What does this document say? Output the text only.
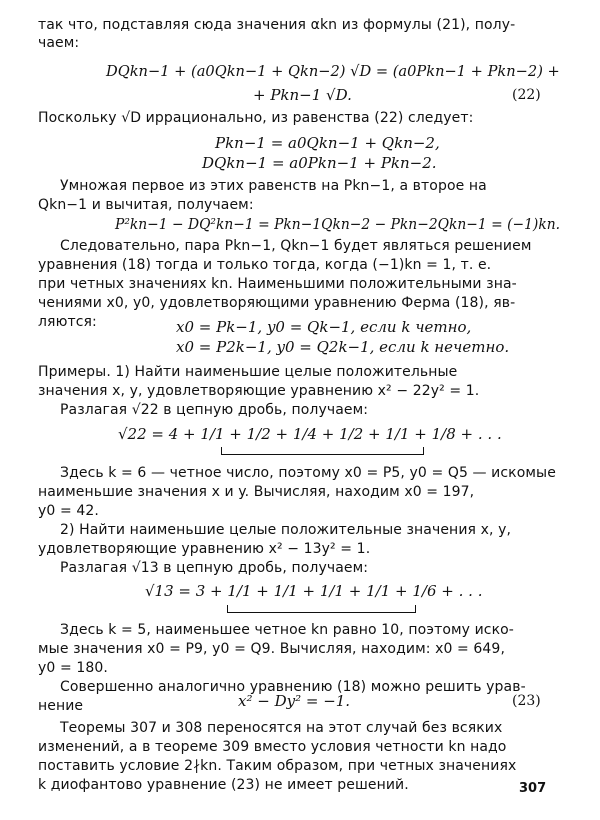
так что, подставляя сюда значения αkn из формулы (21), полу-
чаем:
DQkn−1 + (a0Qkn−1 + Qkn−2) √D = (a0Pkn−1 + Pkn−2) +
+ Pkn−1 √D.	(22)
Поскольку √D иррационально, из равенства (22) следует:
Pkn−1 = a0Qkn−1 + Qkn−2,
DQkn−1 = a0Pkn−1 + Pkn−2.
Умножая первое из этих равенств на Pkn−1, а второе на
Qkn−1 и вычитая, получаем:
P²kn−1 − DQ²kn−1 = Pkn−1Qkn−2 − Pkn−2Qkn−1 = (−1)kn.
Следовательно, пара Pkn−1, Qkn−1 будет являться решением
уравнения (18) тогда и только тогда, когда (−1)kn = 1, т. е.
при четных значениях kn. Наименьшими положительными зна-
чениями x0, y0, удовлетворяющими уравнению Ферма (18), яв-
ляются:	x0 = Pk−1, y0 = Qk−1, если k четно,
x0 = P2k−1, y0 = Q2k−1, если k нечетно.
Примеры. 1) Найти наименьшие целые положительные
значения x, y, удовлетворяющие уравнению x² − 22y² = 1.
Разлагая √22 в цепную дробь, получаем:
√22 = 4 + 1/1 + 1/2 + 1/4 + 1/2 + 1/1 + 1/8 + . . .
Здесь k = 6 — четное число, поэтому x0 = P5, y0 = Q5 — искомые
наименьшие значения x и y. Вычисляя, находим x0 = 197,
y0 = 42.
2) Найти наименьшие целые положительные значения x, y,
удовлетворяющие уравнению x² − 13y² = 1.
Разлагая √13 в цепную дробь, получаем:
√13 = 3 + 1/1 + 1/1 + 1/1 + 1/1 + 1/6 + . . .
Здесь k = 5, наименьшее четное kn равно 10, поэтому иско-
мые значения x0 = P9, y0 = Q9. Вычисляя, находим: x0 = 649,
y0 = 180.
Совершенно аналогично уравнению (18) можно решить урав-
нение	x² − Dy² = −1.	(23)
Теоремы 307 и 308 переносятся на этот случай без всяких
изменений, а в теореме 309 вместо условия четности kn надо
поставить условие 2∤kn. Таким образом, при четных значениях
k диофантово уравнение (23) не имеет решений.	307
